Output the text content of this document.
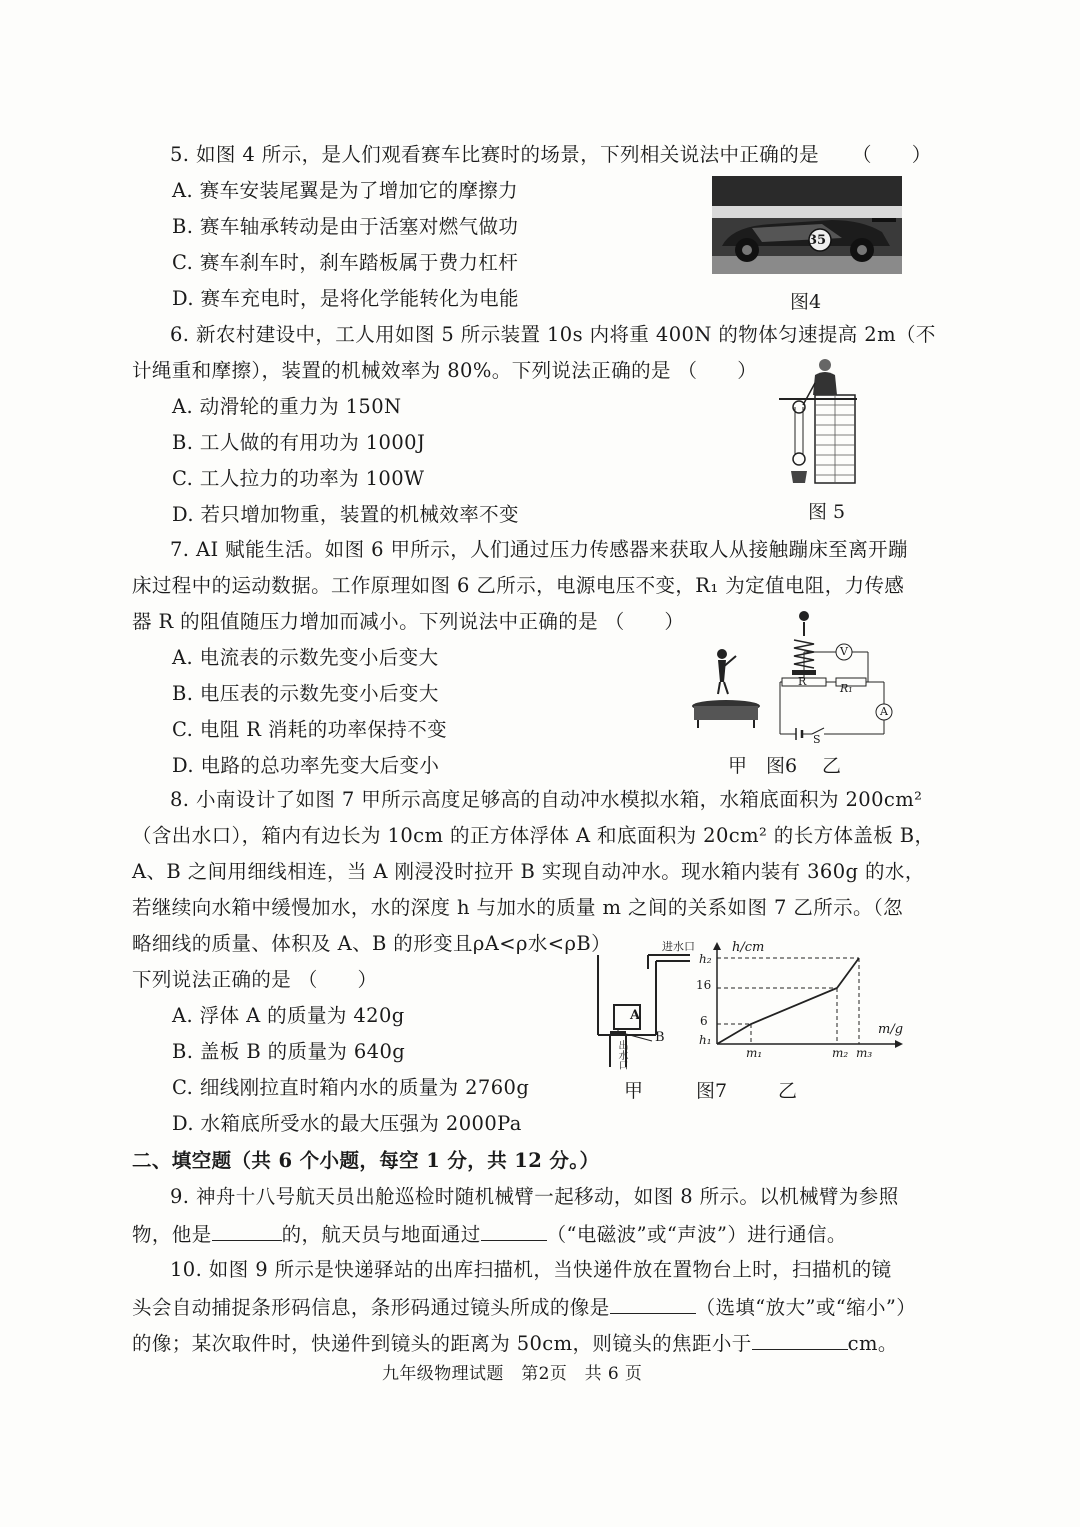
5. 如图 4 所示，是人们观看赛车比赛时的场景，下列相关说法中正确的是 （　　）
A. 赛车安装尾翼是为了增加它的摩擦力
B. 赛车轴承转动是由于活塞对燃气做功
C. 赛车刹车时，刹车踏板属于费力杠杆
D. 赛车充电时，是将化学能转化为电能
35
图4
6. 新农村建设中，工人用如图 5 所示装置 10s 内将重 400N 的物体匀速提高 2m（不
计绳重和摩擦），装置的机械效率为 80%。下列说法正确的是 （　　）
A. 动滑轮的重力为 150N
B. 工人做的有用功为 1000J
C. 工人拉力的功率为 100W
D. 若只增加物重，装置的机械效率不变	图 5
7. AI 赋能生活。如图 6 甲所示，人们通过压力传感器来获取人从接触蹦床至离开蹦
床过程中的运动数据。工作原理如图 6 乙所示，电源电压不变，R₁ 为定值电阻，力传感
器 R 的阻值随压力增加而减小。下列说法中正确的是 （　　）
A. 电流表的示数先变小后变大
B. 电压表的示数先变小后变大
C. 电阻 R 消耗的功率保持不变
D. 电路的总功率先变大后变小
R
R₁
V
A
S
甲 图6 乙
8. 小南设计了如图 7 甲所示高度足够高的自动冲水模拟水箱，水箱底面积为 200cm²
（含出水口），箱内有边长为 10cm 的正方体浮体 A 和底面积为 20cm² 的长方体盖板 B，
A、B 之间用细线相连，当 A 刚浸没时拉开 B 实现自动冲水。现水箱内装有 360g 的水，
若继续向水箱中缓慢加水，水的深度 h 与加水的质量 m 之间的关系如图 7 乙所示。（忽
略细线的质量、体积及 A、B 的形变且ρA<ρ水<ρB）
下列说法正确的是 （　　）
A. 浮体 A 的质量为 420g
B. 盖板 B 的质量为 640g
C. 细线刚拉直时箱内水的质量为 2760g
D. 水箱底所受水的最大压强为 2000Pa
进水口
A
B
出水口
h/cm
m/g
h₁
6
16
h₂
m₁	m₂ m₃
甲	图7	乙
二、填空题（共 6 个小题，每空 1 分，共 12 分。）
9. 神舟十八号航天员出舱巡检时随机械臂一起移动，如图 8 所示。以机械臂为参照
物，他是	的，航天员与地面通过	（“电磁波”或“声波”）进行通信。
10. 如图 9 所示是快递驿站的出库扫描机，当快递件放在置物台上时，扫描机的镜
头会自动捕捉条形码信息，条形码通过镜头所成的像是	（选填“放大”或“缩小”）
的像；某次取件时，快递件到镜头的距离为 50cm，则镜头的焦距小于	cm。
九年级物理试题　第2页　共 6 页
